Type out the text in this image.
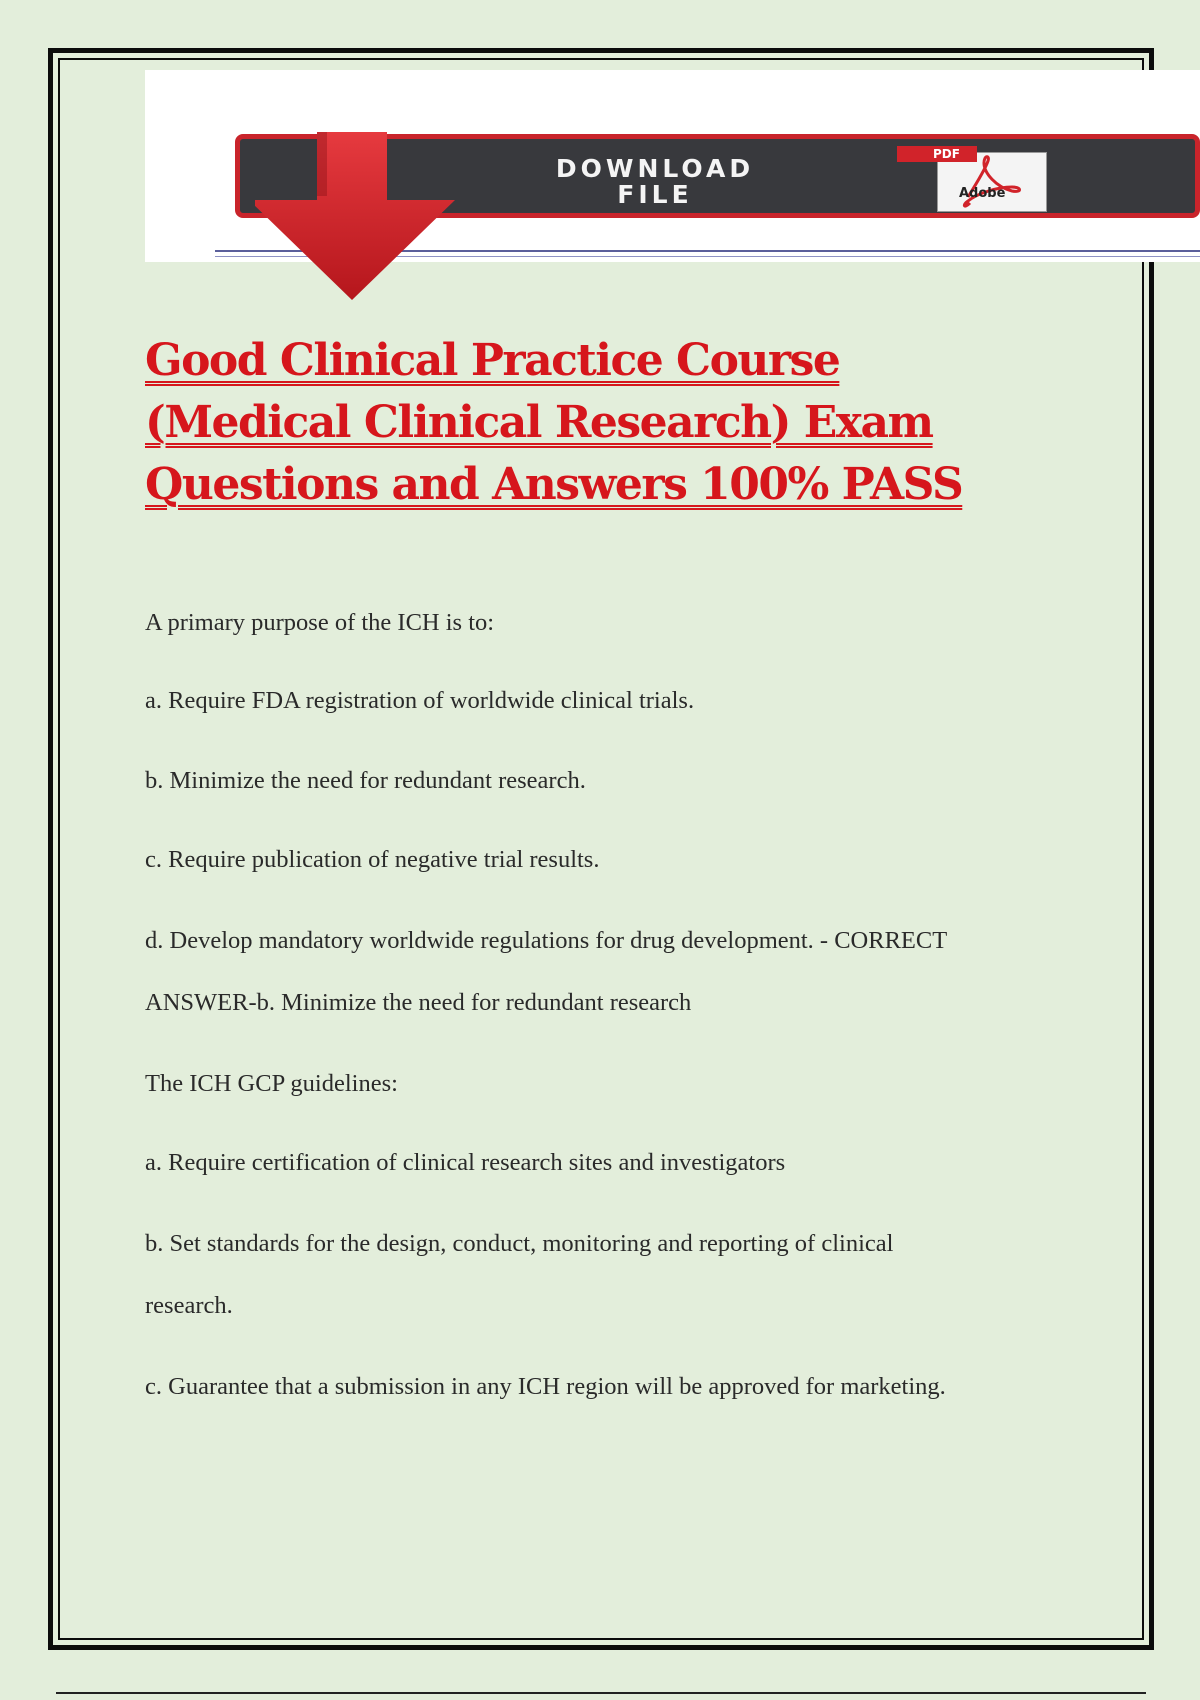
DOWNLOAD
FILE
PDF
Adobe
Good Clinical Practice Course (Medical Clinical Research) Exam Questions and Answers 100% PASS
A primary purpose of the ICH is to:
a. Require FDA registration of worldwide clinical trials.
b. Minimize the need for redundant research.
c. Require publication of negative trial results.
d. Develop mandatory worldwide regulations for drug development. - CORRECT
ANSWER-b. Minimize the need for redundant research
The ICH GCP guidelines:
a. Require certification of clinical research sites and investigators
b. Set standards for the design, conduct, monitoring and reporting of clinical
research.
c. Guarantee that a submission in any ICH region will be approved for marketing.
